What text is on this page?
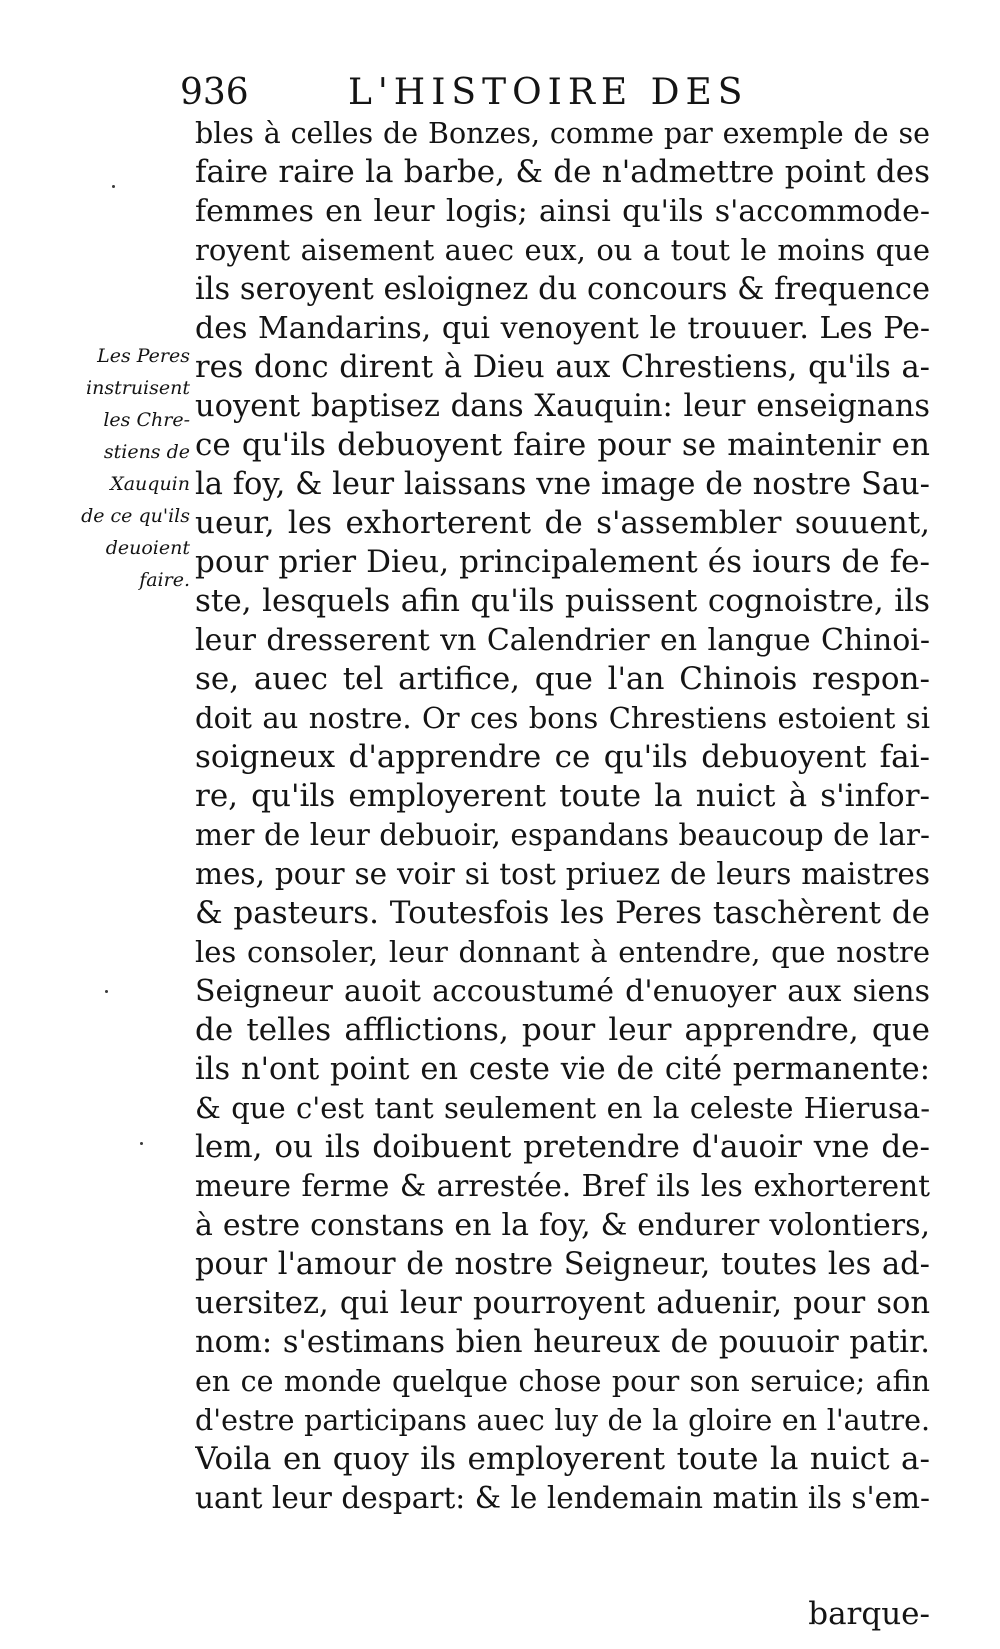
936	L'HISTOIRE DES
Les Peres
instruisent
les Chre-
stiens de
Xauquin
de ce qu'ils
deuoient
faire.
bles à celles de Bonzes, comme par exemple de se
faire raire la barbe, & de n'admettre point des
femmes en leur logis; ainsi qu'ils s'accommode-
royent aisement auec eux, ou a tout le moins que
ils seroyent esloignez du concours & frequence
des Mandarins, qui venoyent le trouuer. Les Pe-
res donc dirent à Dieu aux Chrestiens, qu'ils a-
uoyent baptisez dans Xauquin: leur enseignans
ce qu'ils debuoyent faire pour se maintenir en
la foy, & leur laissans vne image de nostre Sau-
ueur, les exhorterent de s'assembler souuent,
pour prier Dieu, principalement és iours de fe-
ste, lesquels afin qu'ils puissent cognoistre, ils
leur dresserent vn Calendrier en langue Chinoi-
se, auec tel artifice, que l'an Chinois respon-
doit au nostre. Or ces bons Chrestiens estoient si
soigneux d'apprendre ce qu'ils debuoyent fai-
re, qu'ils employerent toute la nuict à s'infor-
mer de leur debuoir, espandans beaucoup de lar-
mes, pour se voir si tost priuez de leurs maistres
& pasteurs. Toutesfois les Peres taschèrent de
les consoler, leur donnant à entendre, que nostre
Seigneur auoit accoustumé d'enuoyer aux siens
de telles afflictions, pour leur apprendre, que
ils n'ont point en ceste vie de cité permanente:
& que c'est tant seulement en la celeste Hierusa-
lem, ou ils doibuent pretendre d'auoir vne de-
meure ferme & arrestée. Bref ils les exhorterent
à estre constans en la foy, & endurer volontiers,
pour l'amour de nostre Seigneur, toutes les ad-
uersitez, qui leur pourroyent aduenir, pour son
nom: s'estimans bien heureux de pouuoir patir.
en ce monde quelque chose pour son seruice; afin
d'estre participans auec luy de la gloire en l'autre.
Voila en quoy ils employerent toute la nuict a-
uant leur despart: & le lendemain matin ils s'em-
barque-
